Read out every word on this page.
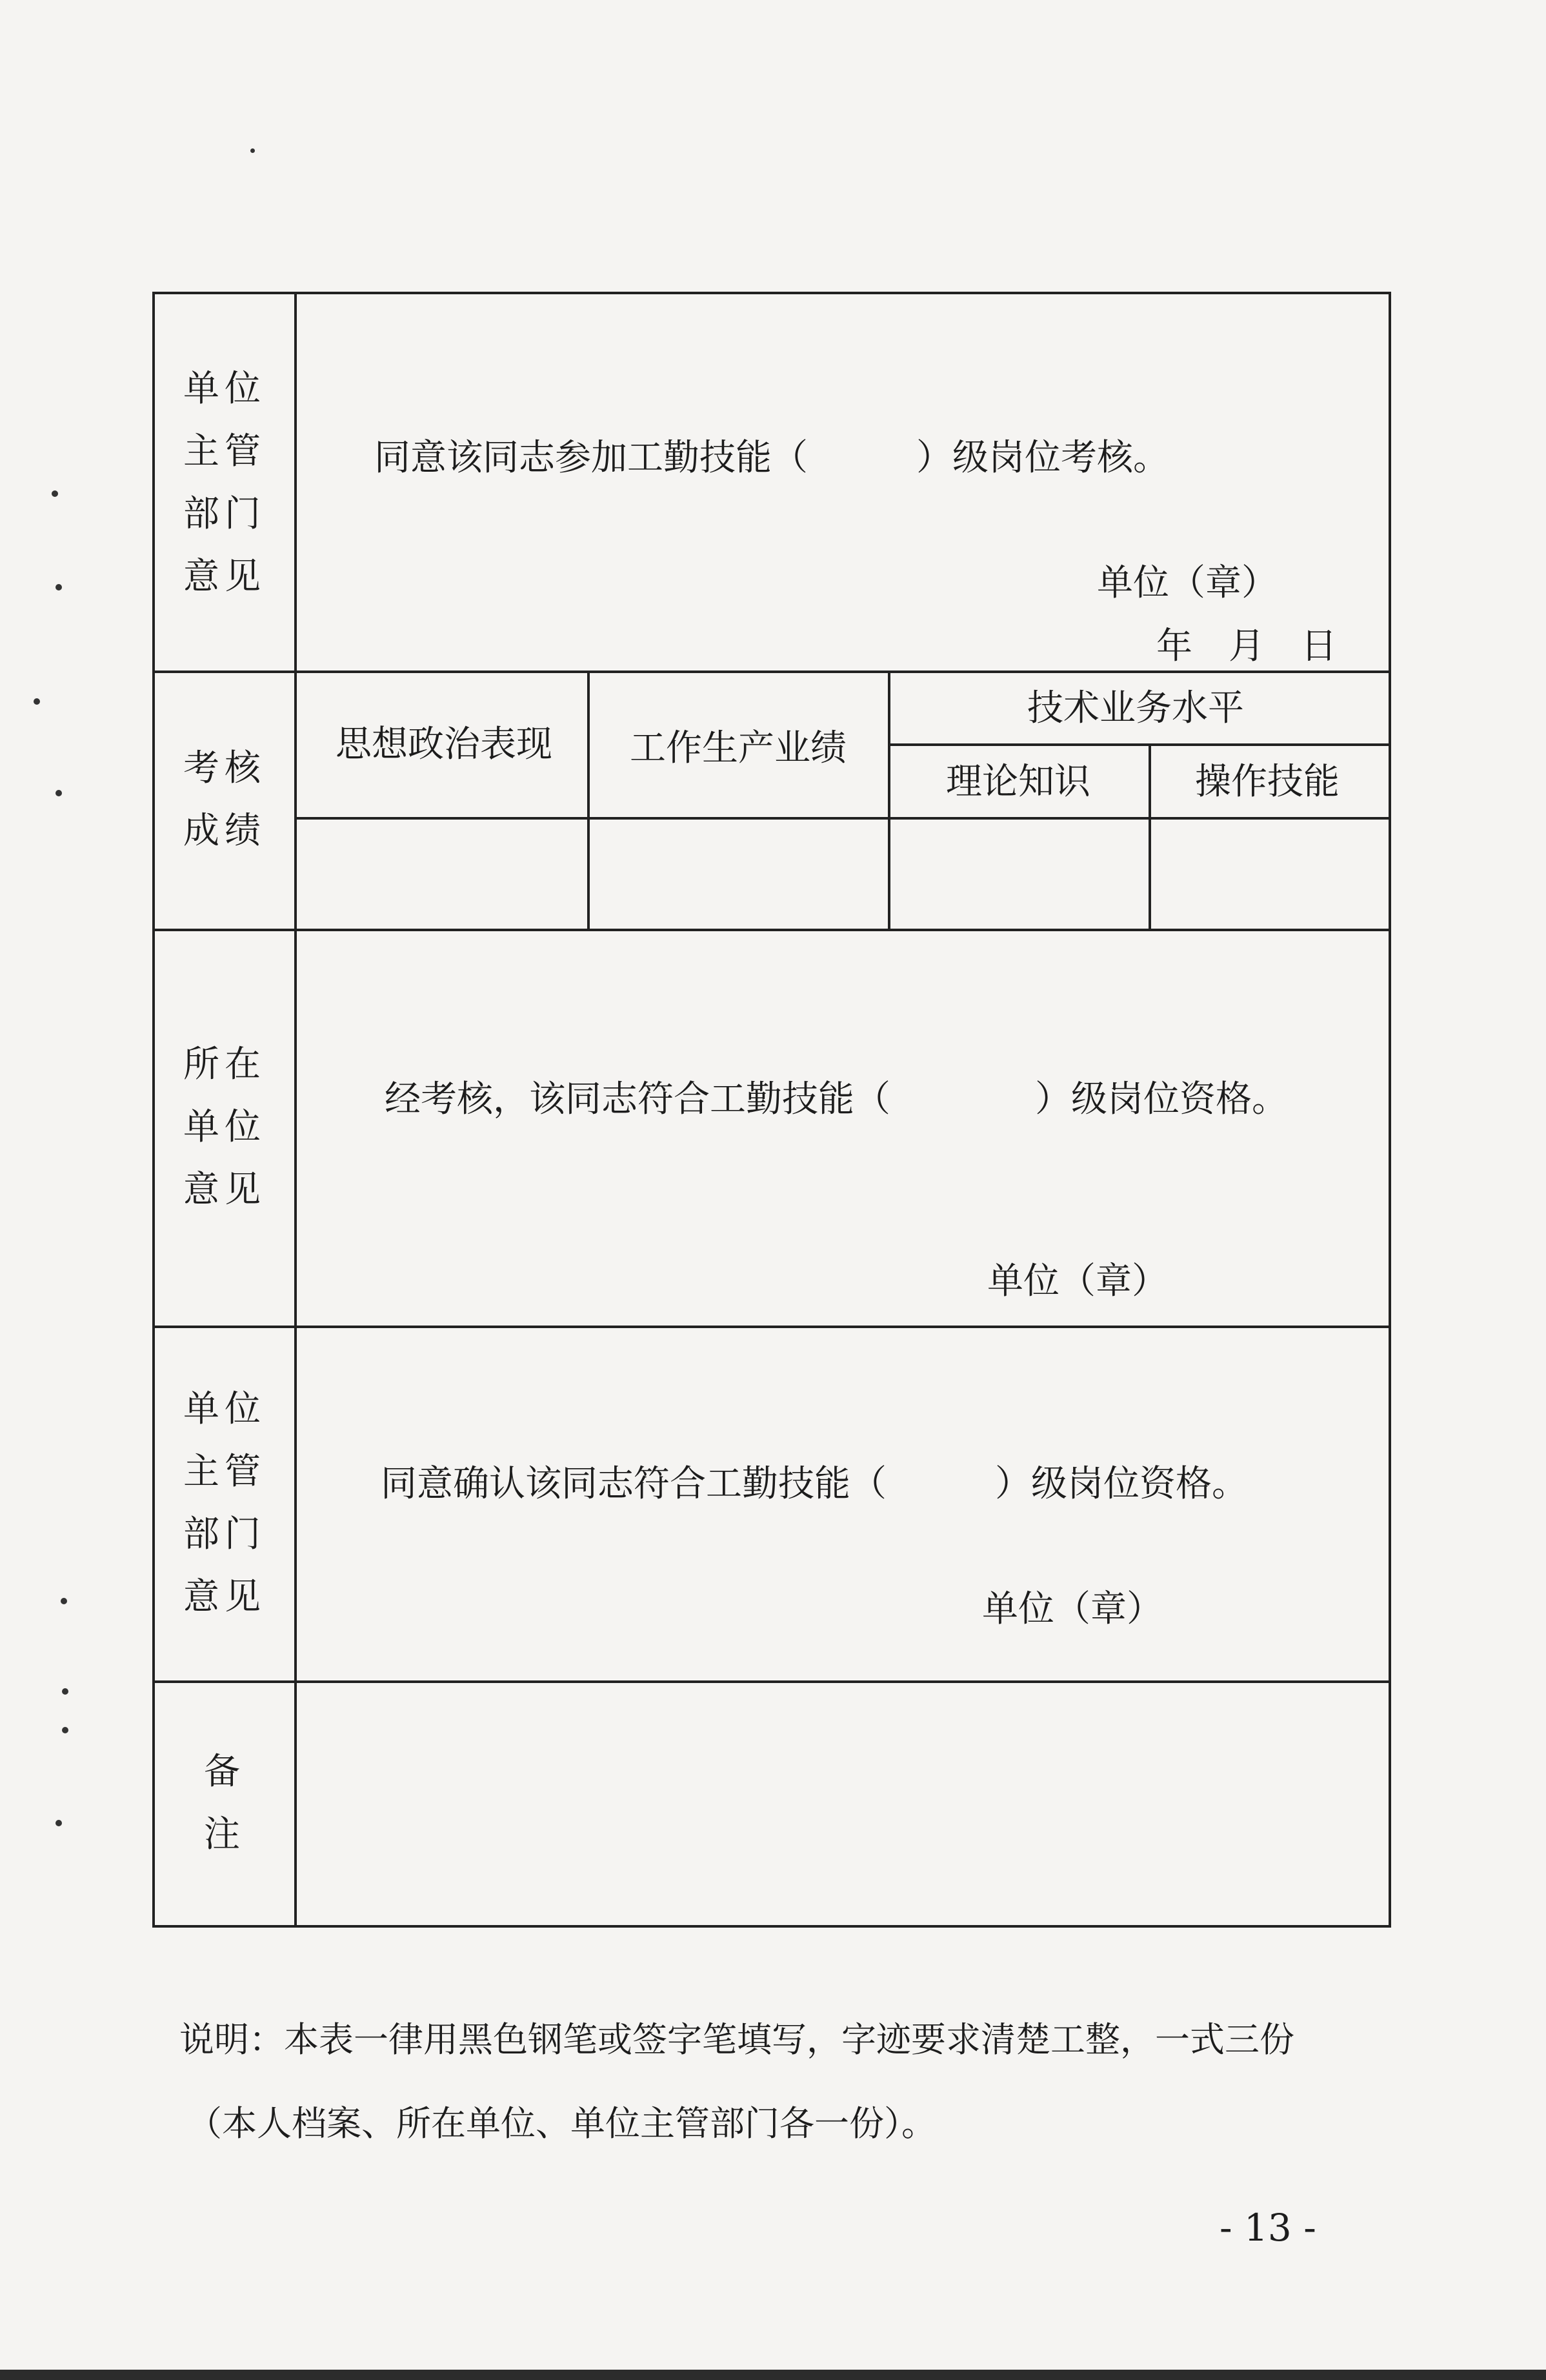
单位
主管
部门
意见
同意该同志参加工勤技能（　　　）级岗位考核。
单位（章）
年　月　日
考核
成绩
思想政治表现 工作生产业绩
技术业务水平
理论知识	操作技能
所在
单位
意见
经考核，该同志符合工勤技能（　　　　）级岗位资格。
单位（章）
单位
主管
部门
意见
同意确认该同志符合工勤技能（　　　）级岗位资格。
单位（章）
备
注
说明：本表一律用黑色钢笔或签字笔填写，字迹要求清楚工整，一式三份
（本人档案、所在单位、单位主管部门各一份）。
- 13 -
